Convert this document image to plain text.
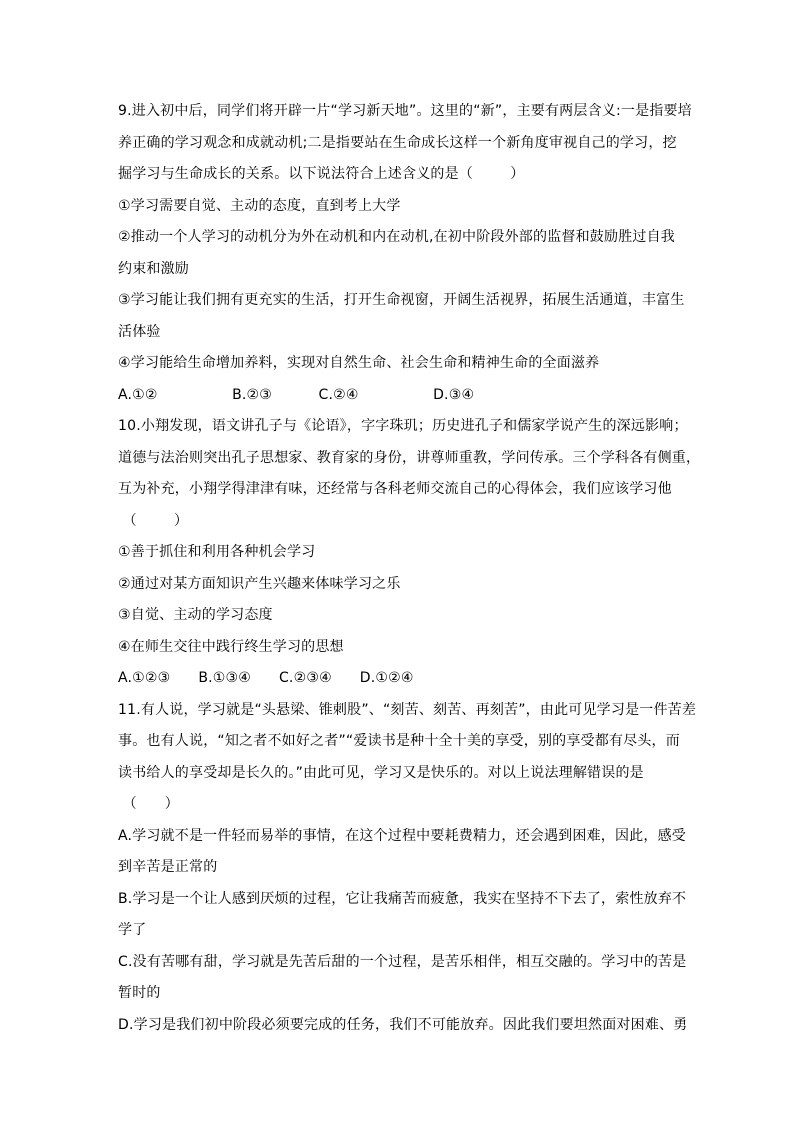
9.进入初中后，同学们将开辟一片“学习新天地”。这里的“新”，主要有两层含义:一是指要培
养正确的学习观念和成就动机;二是指要站在生命成长这样一个新角度审视自己的学习，挖
掘学习与生命成长的关系。以下说法符合上述含义的是（        ）
①学习需要自觉、主动的态度，直到考上大学
②推动一个人学习的动机分为外在动机和内在动机,在初中阶段外部的监督和鼓励胜过自我
约束和激励
③学习能让我们拥有更充实的生活，打开生命视窗，开阔生活视界，拓展生活通道，丰富生
活体验
④学习能给生命增加养料，实现对自然生命、社会生命和精神生命的全面滋养
A.①②                B.②③          C.②④                D.③④
10.小翔发现，语文讲孔子与《论语》，字字珠玑；历史进孔子和儒家学说产生的深远影响；
道德与法治则突出孔子思想家、教育家的身份，讲尊师重教，学问传承。三个学科各有侧重，
互为补充，小翔学得津津有味，还经常与各科老师交流自己的心得体会，我们应该学习他
（        ）
①善于抓住和利用各种机会学习
②通过对某方面知识产生兴趣来体味学习之乐
③自觉、主动的学习态度
④在师生交往中践行终生学习的思想
A.①②③      B.①③④      C.②③④      D.①②④
11.有人说，学习就是“头悬梁、锥刺股”、“刻苦、刻苦、再刻苦”，由此可见学习是一件苦差
事。也有人说，“知之者不如好之者”“爱读书是种十全十美的享受，别的享受都有尽头，而
读书给人的享受却是长久的。”由此可见，学习又是快乐的。对以上说法理解错误的是
（      ）
A.学习就不是一件轻而易举的事情，在这个过程中要耗费精力，还会遇到困难，因此，感受
到辛苦是正常的
B.学习是一个让人感到厌烦的过程，它让我痛苦而疲惫，我实在坚持不下去了，索性放弃不
学了
C.没有苦哪有甜，学习就是先苦后甜的一个过程，是苦乐相伴，相互交融的。学习中的苦是
暂时的
D.学习是我们初中阶段必须要完成的任务，我们不可能放弃。因此我们要坦然面对困难、勇
